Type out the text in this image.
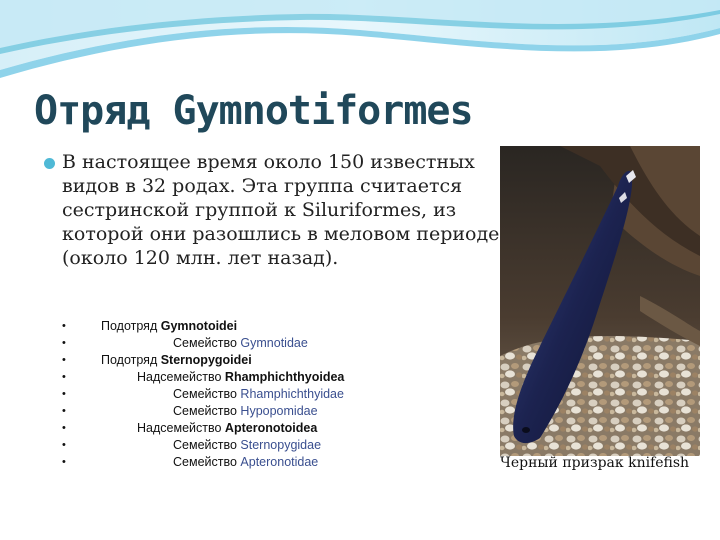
Отряд Gymnotiformes
В настоящее время около 150 известных видов в 32 родах. Эта группа считается сестринской группой к Siluriformes, из которой они разошлись в меловом периоде (около 120 млн. лет назад).
•	Подотряд Gymnotoidei
•	Семейство Gymnotidae
•	Подотряд Sternopygoidei
•	Надсемейство Rhamphichthyoidea
•	Семейство Rhamphichthyidae
•	Семейство Hypopomidae
•	Надсемейство Apteronotoidea
•	Семейство Sternopygidae
•	Семейство Apteronotidae	Черный призрак knifefish
